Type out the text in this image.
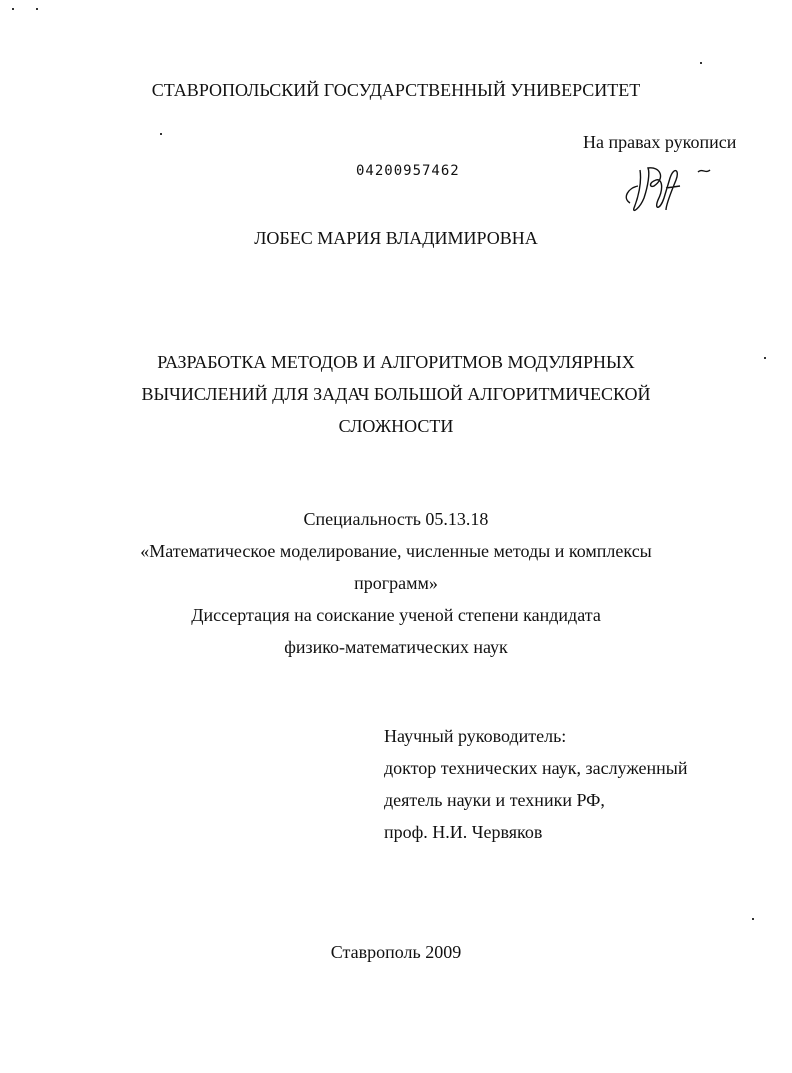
СТАВРОПОЛЬСКИЙ ГОСУДАРСТВЕННЫЙ УНИВЕРСИТЕТ
На правах рукописи
04200957462
ЛОБЕС МАРИЯ ВЛАДИМИРОВНА
РАЗРАБОТКА МЕТОДОВ И АЛГОРИТМОВ МОДУЛЯРНЫХ
ВЫЧИСЛЕНИЙ ДЛЯ ЗАДАЧ БОЛЬШОЙ АЛГОРИТМИЧЕСКОЙ
СЛОЖНОСТИ
Специальность 05.13.18
«Математическое моделирование, численные методы и комплексы
программ»
Диссертация на соискание ученой степени кандидата
физико-математических наук
Научный руководитель:
доктор технических наук, заслуженный
деятель науки и техники РФ,
проф. Н.И. Червяков
Ставрополь 2009
